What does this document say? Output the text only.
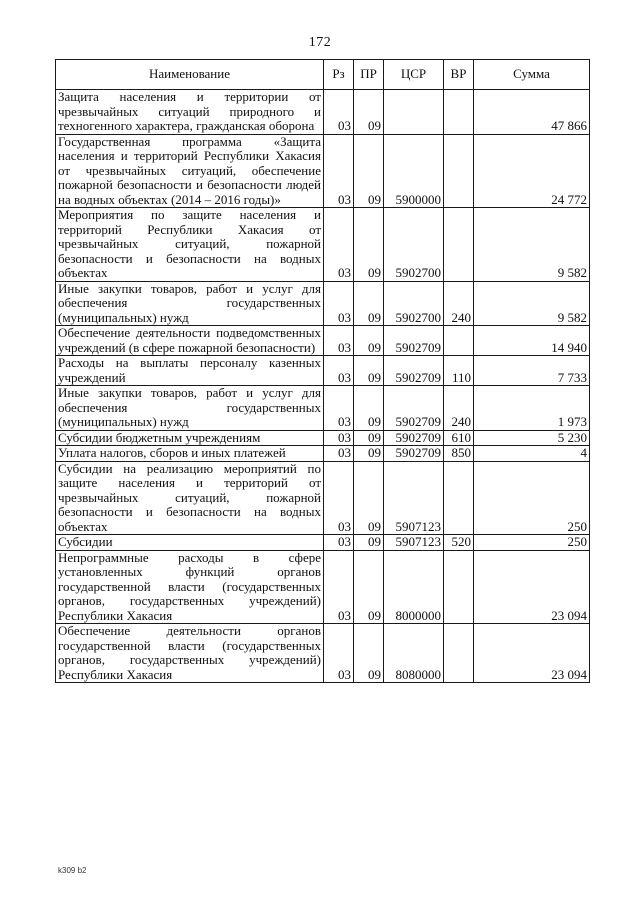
172
Наименование	Рз	ПР	ЦСР	ВР	Сумма
Защита населения и территории от чрезвычайных ситуаций природного и техногенного характера, гражданская оборона	03	09			47 866
Государственная программа «Защита населения и территорий Республики Хакасия от чрезвычайных ситуаций, обеспечение пожарной безопасности и безопасности людей на водных объектах (2014 – 2016 годы)»	03	09	5900000		24 772
Мероприятия по защите населения и территорий Республики Хакасия от чрезвычайных ситуаций, пожарной безопасности и безопасности на водных объектах	03	09	5902700		9 582
Иные закупки товаров, работ и услуг для обеспечения государственных (муниципальных) нужд	03	09	5902700	240	9 582
Обеспечение деятельности подведомственных учреждений (в сфере пожарной безопасности)	03	09	5902709		14 940
Расходы на выплаты персоналу казенных учреждений	03	09	5902709	110	7 733
Иные закупки товаров, работ и услуг для обеспечения государственных (муниципальных) нужд	03	09	5902709	240	1 973
Субсидии бюджетным учреждениям	03	09	5902709	610	5 230
Уплата налогов, сборов и иных платежей	03	09	5902709	850	4
Субсидии на реализацию мероприятий по защите населения и территорий от чрезвычайных ситуаций, пожарной безопасности и безопасности на водных объектах	03	09	5907123		250
Субсидии	03	09	5907123	520	250
Непрограммные расходы в сфере установленных функций органов государственной власти (государственных органов, государственных учреждений) Республики Хакасия	03	09	8000000		23 094
Обеспечение деятельности органов государственной власти (государственных органов, государственных учреждений) Республики Хакасия	03	09	8080000		23 094
k309 b2
